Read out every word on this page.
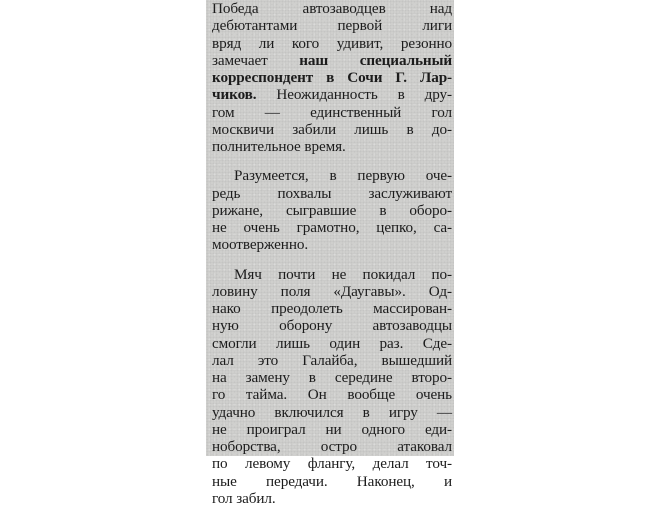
Победа автозаводцев над
дебютантами первой лиги
вряд ли кого удивит, резонно
замечает наш специальный
корреспондент в Сочи Г. Лар-
чиков. Неожиданность в дру-
гом — единственный гол
москвичи забили лишь в до-
полнительное время.
Разумеется, в первую оче-
редь похвалы заслуживают
рижане, сыгравшие в оборо-
не очень грамотно, цепко, са-
моотверженно.
Мяч почти не покидал по-
ловину поля «Даугавы». Од-
нако преодолеть массирован-
ную оборону автозаводцы
смогли лишь один раз. Сде-
лал это Галайба, вышедший
на замену в середине второ-
го тайма. Он вообще очень
удачно включился в игру —
не проиграл ни одного еди-
ноборства, остро атаковал
по левому флангу, делал точ-
ные передачи. Наконец, и
гол забил.
